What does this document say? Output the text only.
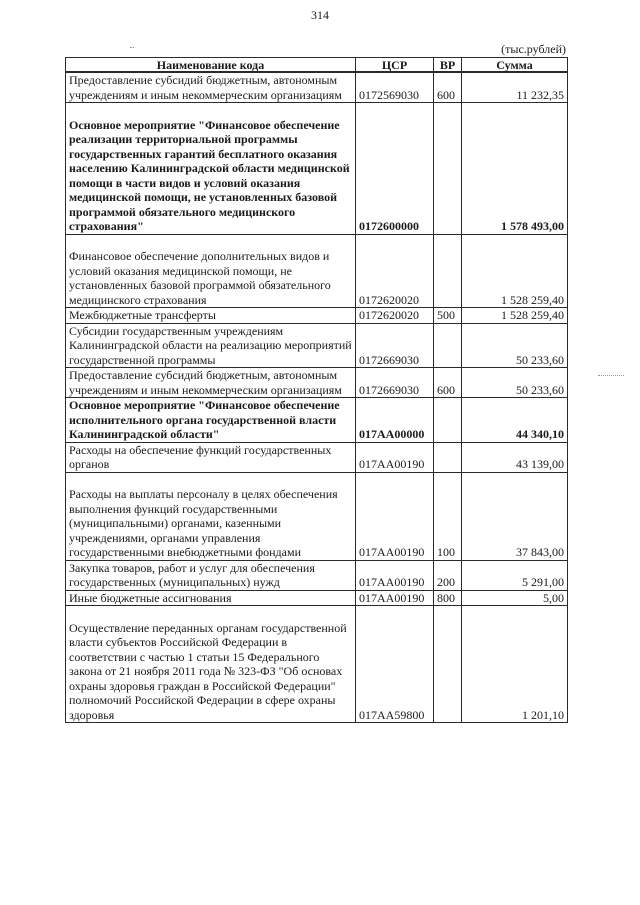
314
(тыс.рублей)
Наименование кода	ЦСР	ВР	Сумма
Предоставление субсидий бюджетным, автономным учреждениям и иным некоммерческим организациям	0172569030	600	11 232,35

Основное мероприятие "Финансовое обеспечение реализации территориальной программы государственных гарантий бесплатного оказания населению Калининградской области медицинской помощи в части видов и условий оказания медицинской помощи, не установленных базовой программой обязательного медицинского страхования"	0172600000		1 578 493,00

Финансовое обеспечение дополнительных видов и условий оказания медицинской помощи, не установленных базовой программой обязательного медицинского страхования	0172620020		1 528 259,40
Межбюджетные трансферты	0172620020	500	1 528 259,40
Субсидии государственным учреждениям Калининградской области на реализацию мероприятий государственной программы	0172669030		50 233,60
Предоставление субсидий бюджетным, автономным учреждениям и иным некоммерческим организациям	0172669030	600	50 233,60
Основное мероприятие "Финансовое обеспечение исполнительного органа государственной власти Калининградской области"	017АА00000		44 340,10
Расходы на обеспечение функций государственных органов	017АА00190		43 139,00

Расходы на выплаты персоналу в целях обеспечения выполнения функций государственными (муниципальными) органами, казенными учреждениями, органами управления государственными внебюджетными фондами	017АА00190	100	37 843,00
Закупка товаров, работ и услуг для обеспечения государственных (муниципальных) нужд	017АА00190	200	5 291,00
Иные бюджетные ассигнования	017АА00190	800	5,00

Осуществление переданных органам государственной власти субъектов Российской Федерации в соответствии с частью 1 статьи 15 Федерального закона от 21 ноября 2011 года № 323-ФЗ "Об основах охраны здоровья граждан в Российской Федерации" полномочий Российской Федерации в сфере охраны здоровья	017АА59800		1 201,10
